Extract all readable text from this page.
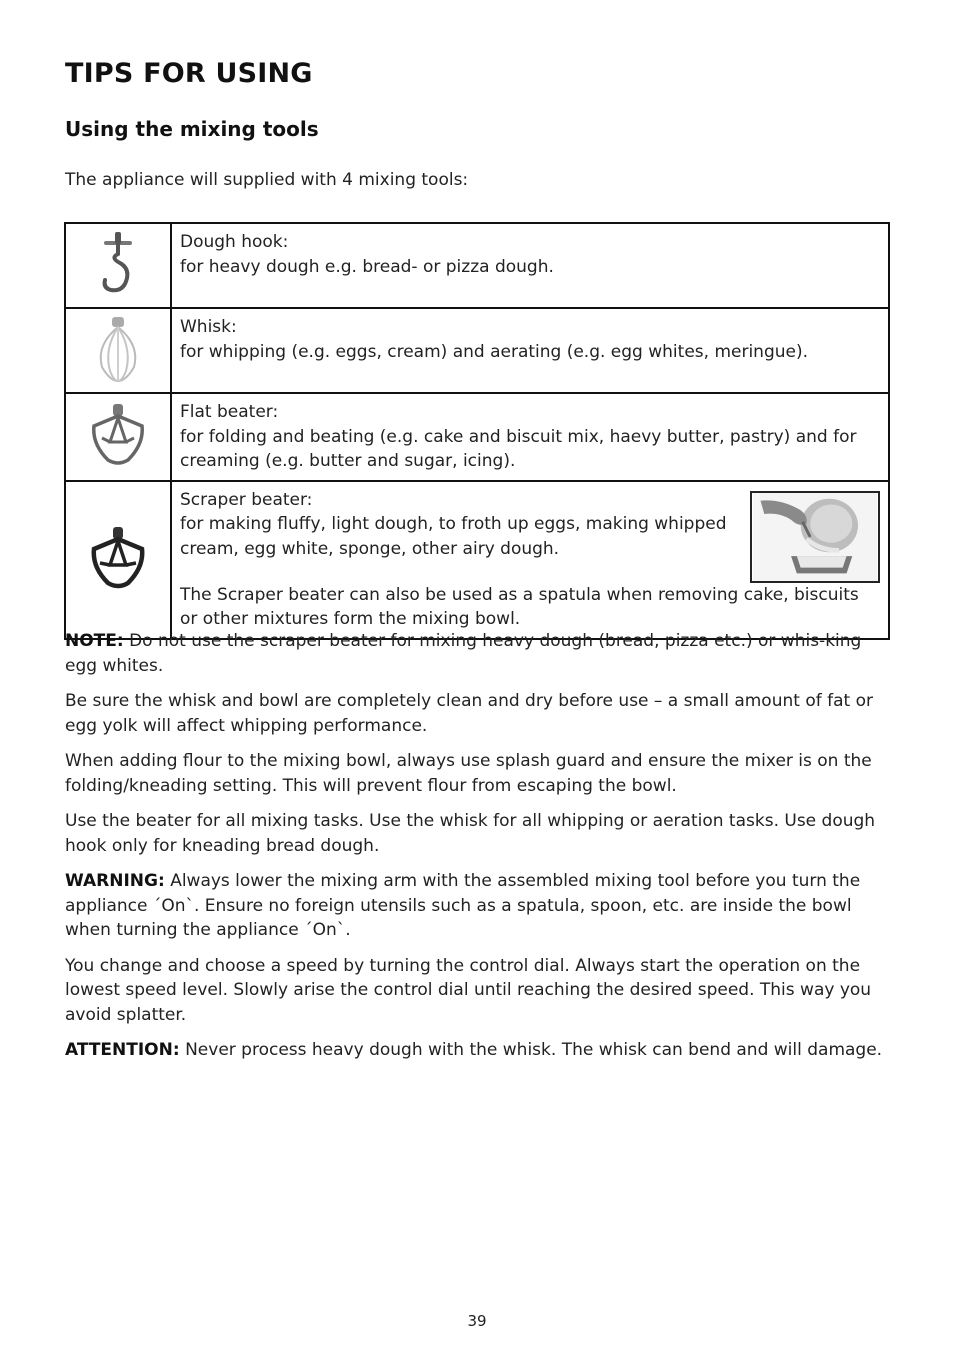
TIPS FOR USING
Using the mixing tools
The appliance will supplied with 4 mixing tools:

Dough hook:
for heavy dough e.g. bread- or pizza dough.

Whisk:
for whipping (e.g. eggs, cream) and aerating (e.g. egg whites, meringue).

Flat beater:
for folding and beating (e.g. cake and biscuit mix, haevy butter, pastry) and for creaming (e.g. butter and sugar, icing).

Scraper beater:
for making fluffy, light dough, to froth up eggs, making whipped cream, egg white, sponge, other airy dough.
The Scraper beater can also be used as a spatula when removing cake, biscuits or other mixtures form the mixing bowl.

NOTE: Do not use the scraper beater for mixing heavy dough (bread, pizza etc.) or whis-king egg whites.

Be sure the whisk and bowl are completely clean and dry before use – a small amount of fat or egg yolk will affect whipping performance.

When adding flour to the mixing bowl, always use splash guard and ensure the mixer is on the folding/kneading setting. This will prevent flour from escaping the bowl.

Use the beater for all mixing tasks. Use the whisk for all whipping or aeration tasks. Use dough hook only for kneading bread dough.

WARNING: Always lower the mixing arm with the assembled mixing tool before you turn the appliance ´On`. Ensure no foreign utensils such as a spatula, spoon, etc. are inside the bowl when turning the appliance ´On`.

You change and choose a speed by turning the control dial. Always start the operation on the lowest speed level. Slowly arise the control dial until reaching the desired speed. This way you avoid splatter.

ATTENTION: Never process heavy dough with the whisk. The whisk can bend and will damage.

39
